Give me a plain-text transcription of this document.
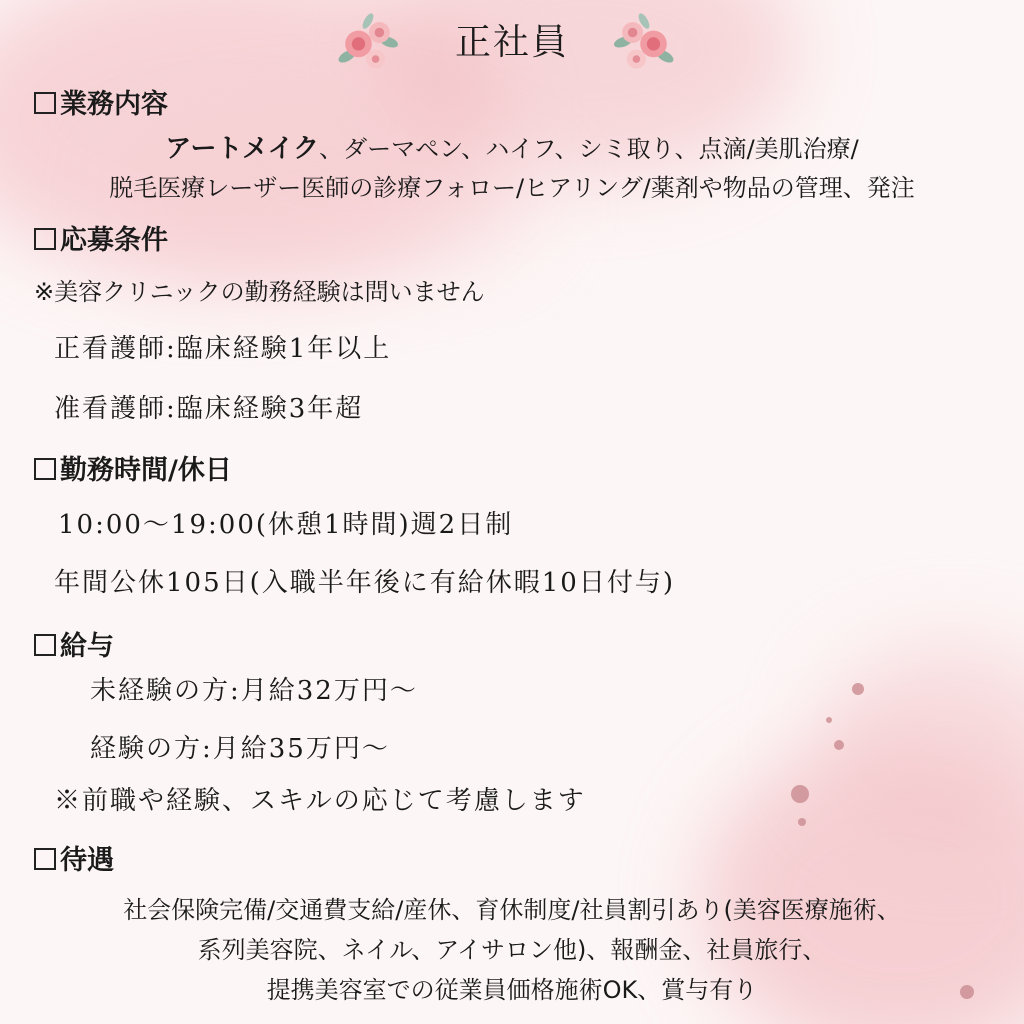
正社員
業務内容
アートメイク、ダーマペン、ハイフ、シミ取り、点滴/美肌治療/
脱毛医療レーザー医師の診療フォロー/ヒアリング/薬剤や物品の管理、発注
応募条件
※美容クリニックの勤務経験は問いません
正看護師:臨床経験1年以上
准看護師:臨床経験3年超
勤務時間/休日
10:00〜19:00(休憩1時間)週2日制
年間公休105日(入職半年後に有給休暇10日付与)
給与
未経験の方:月給32万円〜
経験の方:月給35万円〜
※前職や経験、スキルの応じて考慮します
待遇
社会保険完備/交通費支給/産休、育休制度/社員割引あり(美容医療施術、
系列美容院、ネイル、アイサロン他)、報酬金、社員旅行、
提携美容室での従業員価格施術OK、賞与有り
